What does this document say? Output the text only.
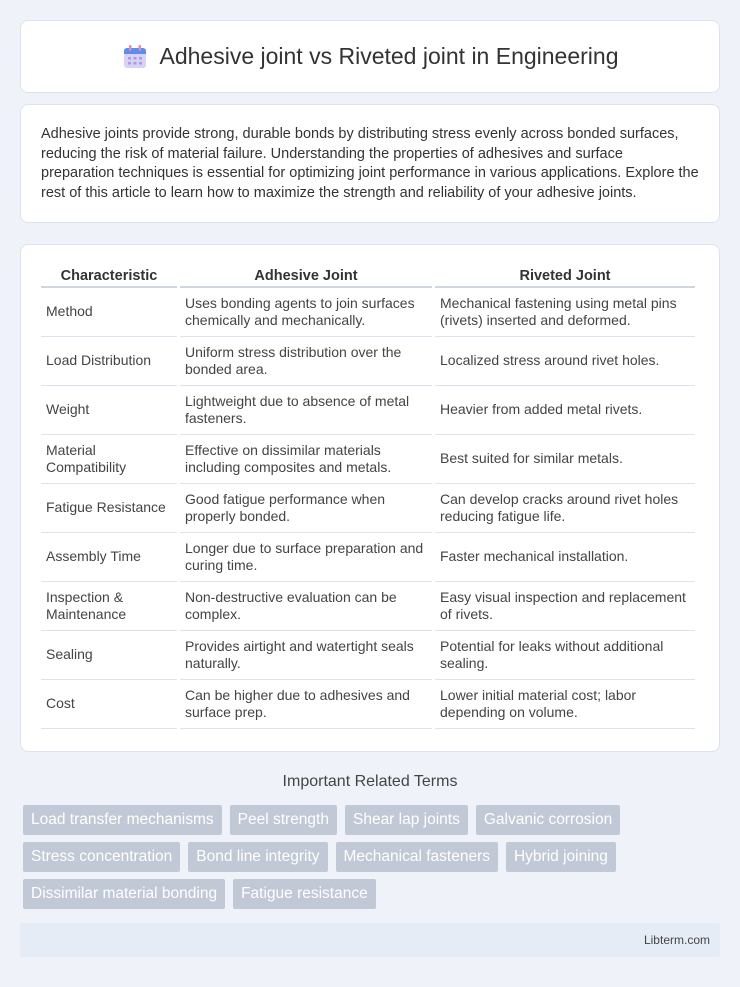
Adhesive joint vs Riveted joint in Engineering

Adhesive joints provide strong, durable bonds by distributing stress evenly across bonded surfaces, reducing the risk of material failure. Understanding the properties of adhesives and surface preparation techniques is essential for optimizing joint performance in various applications. Explore the rest of this article to learn how to maximize the strength and reliability of your adhesive joints.

Characteristic	Adhesive Joint	Riveted Joint
Method	Uses bonding agents to join surfaces chemically and mechanically.	Mechanical fastening using metal pins (rivets) inserted and deformed.
Load Distribution	Uniform stress distribution over the bonded area.	Localized stress around rivet holes.
Weight	Lightweight due to absence of metal fasteners.	Heavier from added metal rivets.
Material Compatibility	Effective on dissimilar materials including composites and metals.	Best suited for similar metals.
Fatigue Resistance	Good fatigue performance when properly bonded.	Can develop cracks around rivet holes reducing fatigue life.
Assembly Time	Longer due to surface preparation and curing time.	Faster mechanical installation.
Inspection & Maintenance	Non-destructive evaluation can be complex.	Easy visual inspection and replacement of rivets.
Sealing	Provides airtight and watertight seals naturally.	Potential for leaks without additional sealing.
Cost	Can be higher due to adhesives and surface prep.	Lower initial material cost; labor depending on volume.
Important Related Terms
Load transfer mechanisms	Peel strength	Shear lap joints	Galvanic corrosion
Stress concentration	Bond line integrity	Mechanical fasteners	Hybrid joining
Dissimilar material bonding	Fatigue resistance
Libterm.com
